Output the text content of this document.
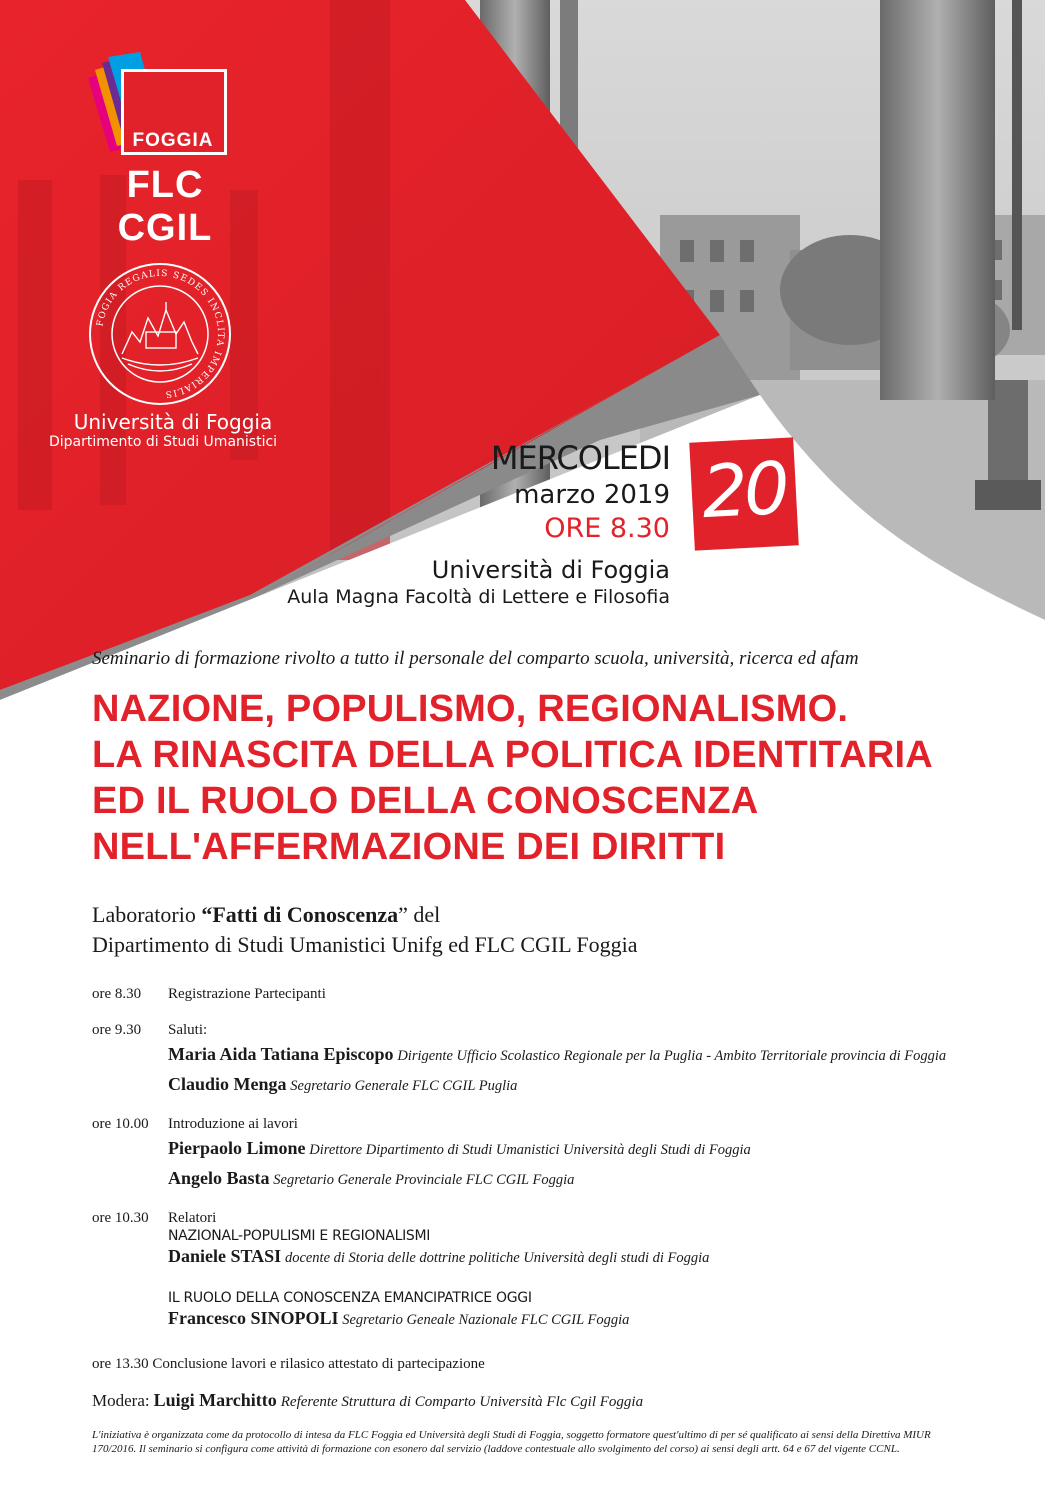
FOGGIA
FLC CGIL
FOGIA REGALIS SEDES INCLITA IMPERIALIS
Università di Foggia
Dipartimento di Studi Umanistici	MERCOLEDI
marzo 2019
ORE 8.30 20
Università di Foggia
Aula Magna Facoltà di Lettere e Filosofia
Seminario di formazione rivolto a tutto il personale del comparto scuola, università, ricerca ed afam
NAZIONE, POPULISMO, REGIONALISMO.
LA RINASCITA DELLA POLITICA IDENTITARIA
ED IL RUOLO DELLA CONOSCENZA
NELL'AFFERMAZIONE DEI DIRITTI
Laboratorio “Fatti di Conoscenza” del
Dipartimento di Studi Umanistici Unifg ed FLC CGIL Foggia
ore 8.30 Registrazione Partecipanti
ore 9.30 Saluti:
Maria Aida Tatiana Episcopo Dirigente Ufficio Scolastico Regionale per la Puglia - Ambito Territoriale provincia di Foggia
Claudio Menga Segretario Generale FLC CGIL Puglia
ore 10.00 Introduzione ai lavori
Pierpaolo Limone Direttore Dipartimento di Studi Umanistici Università degli Studi di Foggia
Angelo Basta Segretario Generale Provinciale FLC CGIL Foggia
ore 10.30 Relatori
NAZIONAL-POPULISMI E REGIONALISMI
Daniele STASI docente di Storia delle dottrine politiche Università degli studi di Foggia
IL RUOLO DELLA CONOSCENZA EMANCIPATRICE OGGI
Francesco SINOPOLI Segretario Geneale Nazionale FLC CGIL Foggia
ore 13.30 Conclusione lavori e rilasico attestato di partecipazione
Modera: Luigi Marchitto Referente Struttura di Comparto Università Flc Cgil Foggia
L'iniziativa è organizzata come da protocollo di intesa da FLC Foggia ed Università degli Studi di Foggia, soggetto formatore quest'ultimo di per sé qualificato ai sensi della Direttiva MIUR
170/2016. Il seminario si configura come attività di formazione con esonero dal servizio (laddove contestuale allo svolgimento del corso) ai sensi degli artt. 64 e 67 del vigente CCNL.
